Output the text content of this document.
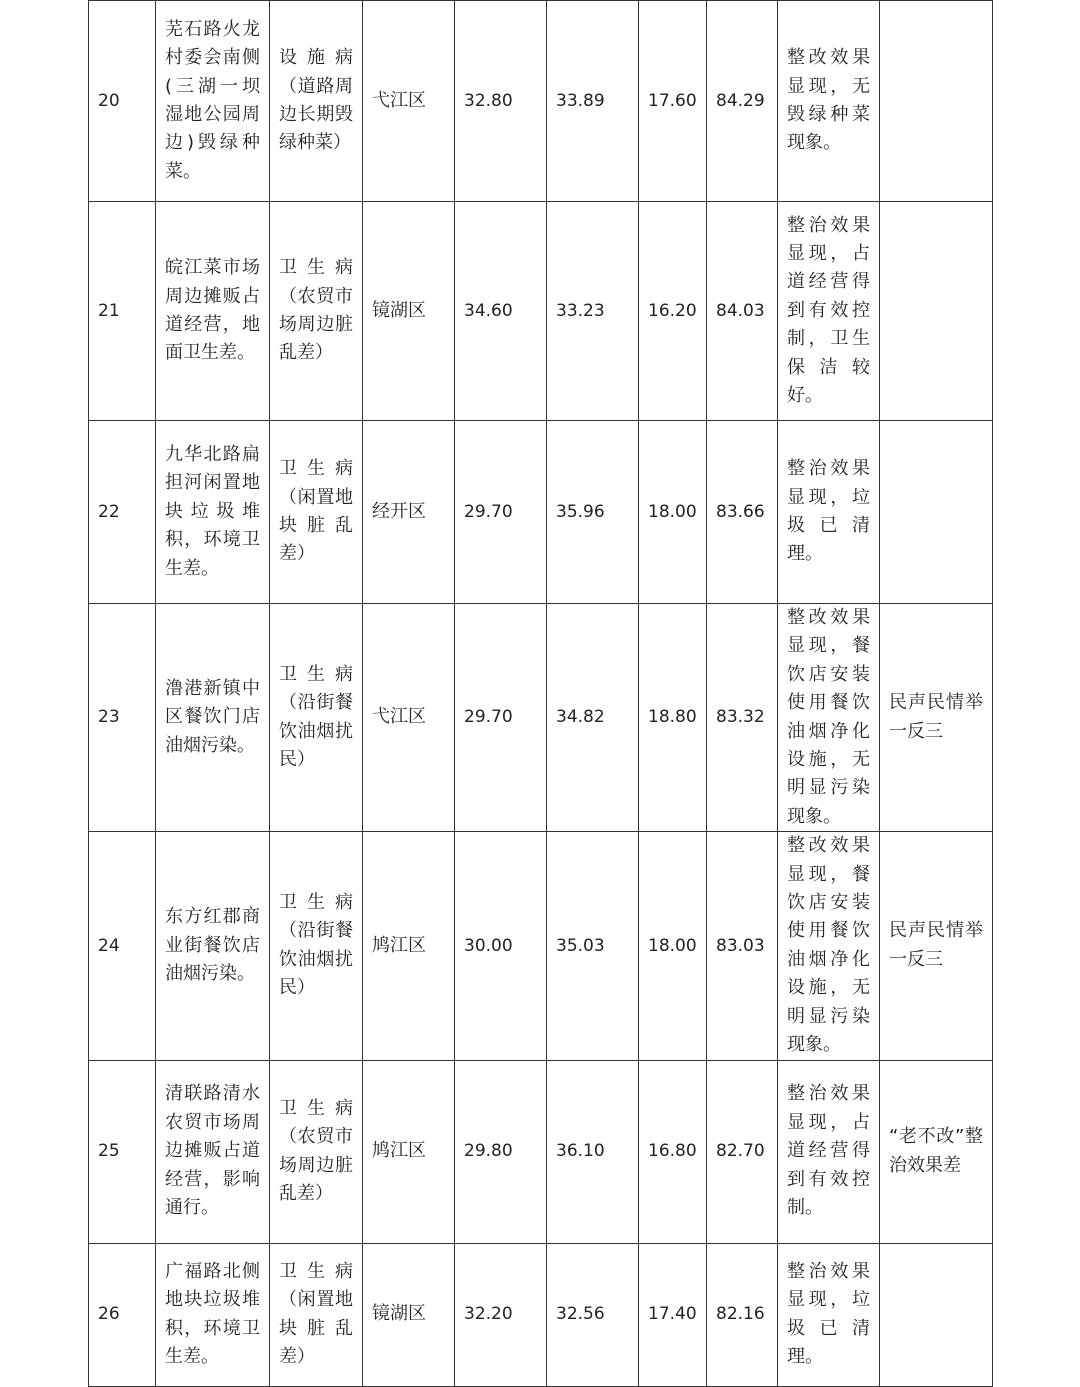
20	芜石路火龙村委会南侧(三湖一坝湿地公园周边)毁绿种菜。	设施病（道路周边长期毁绿种菜）	弋江区	32.80	33.89	17.60	84.29	整改效果显现，无毁绿种菜现象。	
21	皖江菜市场周边摊贩占道经营，地面卫生差。	卫生病（农贸市场周边脏乱差）	镜湖区	34.60	33.23	16.20	84.03	整治效果显现，占道经营得到有效控制，卫生保洁较好。	
22	九华北路扁担河闲置地块垃圾堆积，环境卫生差。	卫生病（闲置地块脏乱差）	经开区	29.70	35.96	18.00	83.66	整治效果显现，垃圾已清理。	
23	澛港新镇中区餐饮门店油烟污染。	卫生病（沿街餐饮油烟扰民）	弋江区	29.70	34.82	18.80	83.32	整改效果显现，餐饮店安装使用餐饮油烟净化设施，无明显污染现象。	民声民情举一反三
24	东方红郡商业街餐饮店油烟污染。	卫生病（沿街餐饮油烟扰民）	鸠江区	30.00	35.03	18.00	83.03	整改效果显现，餐饮店安装使用餐饮油烟净化设施，无明显污染现象。	民声民情举一反三
25	清联路清水农贸市场周边摊贩占道经营，影响通行。	卫生病（农贸市场周边脏乱差）	鸠江区	29.80	36.10	16.80	82.70	整治效果显现，占道经营得到有效控制。	“老不改”整治效果差
26	广福路北侧地块垃圾堆积，环境卫生差。	卫生病（闲置地块脏乱差）	镜湖区	32.20	32.56	17.40	82.16	整治效果显现，垃圾已清理。	
